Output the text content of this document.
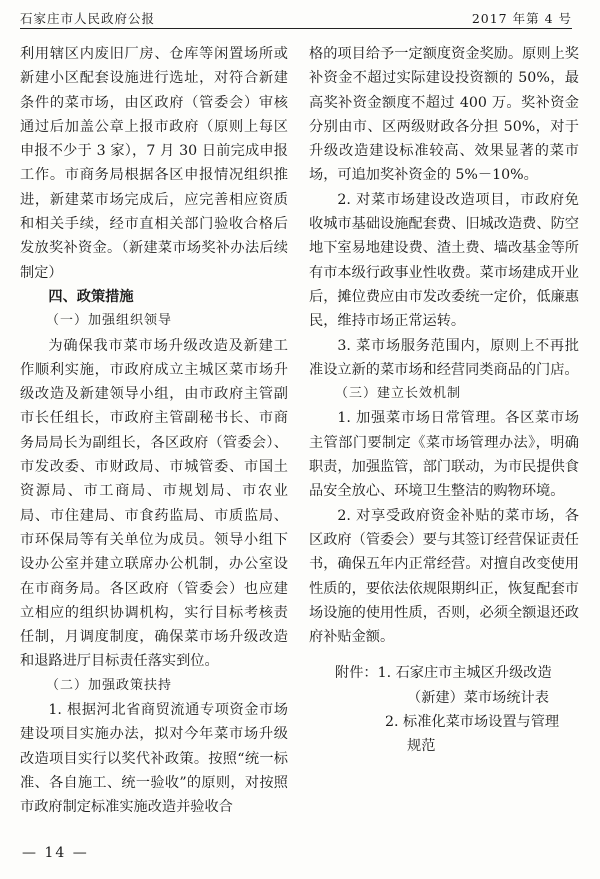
石家庄市人民政府公报	2017 年第 4 号

利用辖区内废旧厂房、仓库等闲置场所或新建小区配套设施进行选址，对符合新建条件的菜市场，由区政府（管委会）审核通过后加盖公章上报市政府（原则上每区申报不少于 3 家），7 月 30 日前完成申报工作。市商务局根据各区申报情况组织推进，新建菜市场完成后，应完善相应资质和相关手续，经市直相关部门验收合格后发放奖补资金。（新建菜市场奖补办法后续制定）

四、政策措施

（一）加强组织领导

为确保我市菜市场升级改造及新建工作顺利实施，市政府成立主城区菜市场升级改造及新建领导小组，由市政府主管副市长任组长，市政府主管副秘书长、市商务局局长为副组长，各区政府（管委会）、市发改委、市财政局、市城管委、市国土资源局、市工商局、市规划局、市农业局、市住建局、市食药监局、市质监局、市环保局等有关单位为成员。领导小组下设办公室并建立联席办公机制，办公室设在市商务局。各区政府（管委会）也应建立相应的组织协调机构，实行目标考核责任制，月调度制度，确保菜市场升级改造和退路进厅目标责任落实到位。

（二）加强政策扶持

1. 根据河北省商贸流通专项资金市场建设项目实施办法，拟对今年菜市场升级改造项目实行以奖代补政策。按照“统一标准、各自施工、统一验收”的原则，对按照市政府制定标准实施改造并验收合

格的项目给予一定额度资金奖励。原则上奖补资金不超过实际建设投资额的 50%，最高奖补资金额度不超过 400 万。奖补资金分别由市、区两级财政各分担 50%，对于升级改造建设标准较高、效果显著的菜市场，可追加奖补资金的 5%－10%。

2. 对菜市场建设改造项目，市政府免收城市基础设施配套费、旧城改造费、防空地下室易地建设费、渣土费、墙改基金等所有市本级行政事业性收费。菜市场建成开业后，摊位费应由市发改委统一定价，低廉惠民，维持市场正常运转。

3. 菜市场服务范围内，原则上不再批准设立新的菜市场和经营同类商品的门店。

（三）建立长效机制

1. 加强菜市场日常管理。各区菜市场主管部门要制定《菜市场管理办法》，明确职责，加强监管，部门联动，为市民提供食品安全放心、环境卫生整洁的购物环境。

2. 对享受政府资金补贴的菜市场，各区政府（管委会）要与其签订经营保证责任书，确保五年内正常经营。对擅自改变使用性质的，要依法依规限期纠正，恢复配套市场设施的使用性质，否则，必须全额退还政府补贴金额。

附件： 1. 石家庄市主城区升级改造
（新建）菜市场统计表
2. 标准化菜市场设置与管理
规范
— 14 —
